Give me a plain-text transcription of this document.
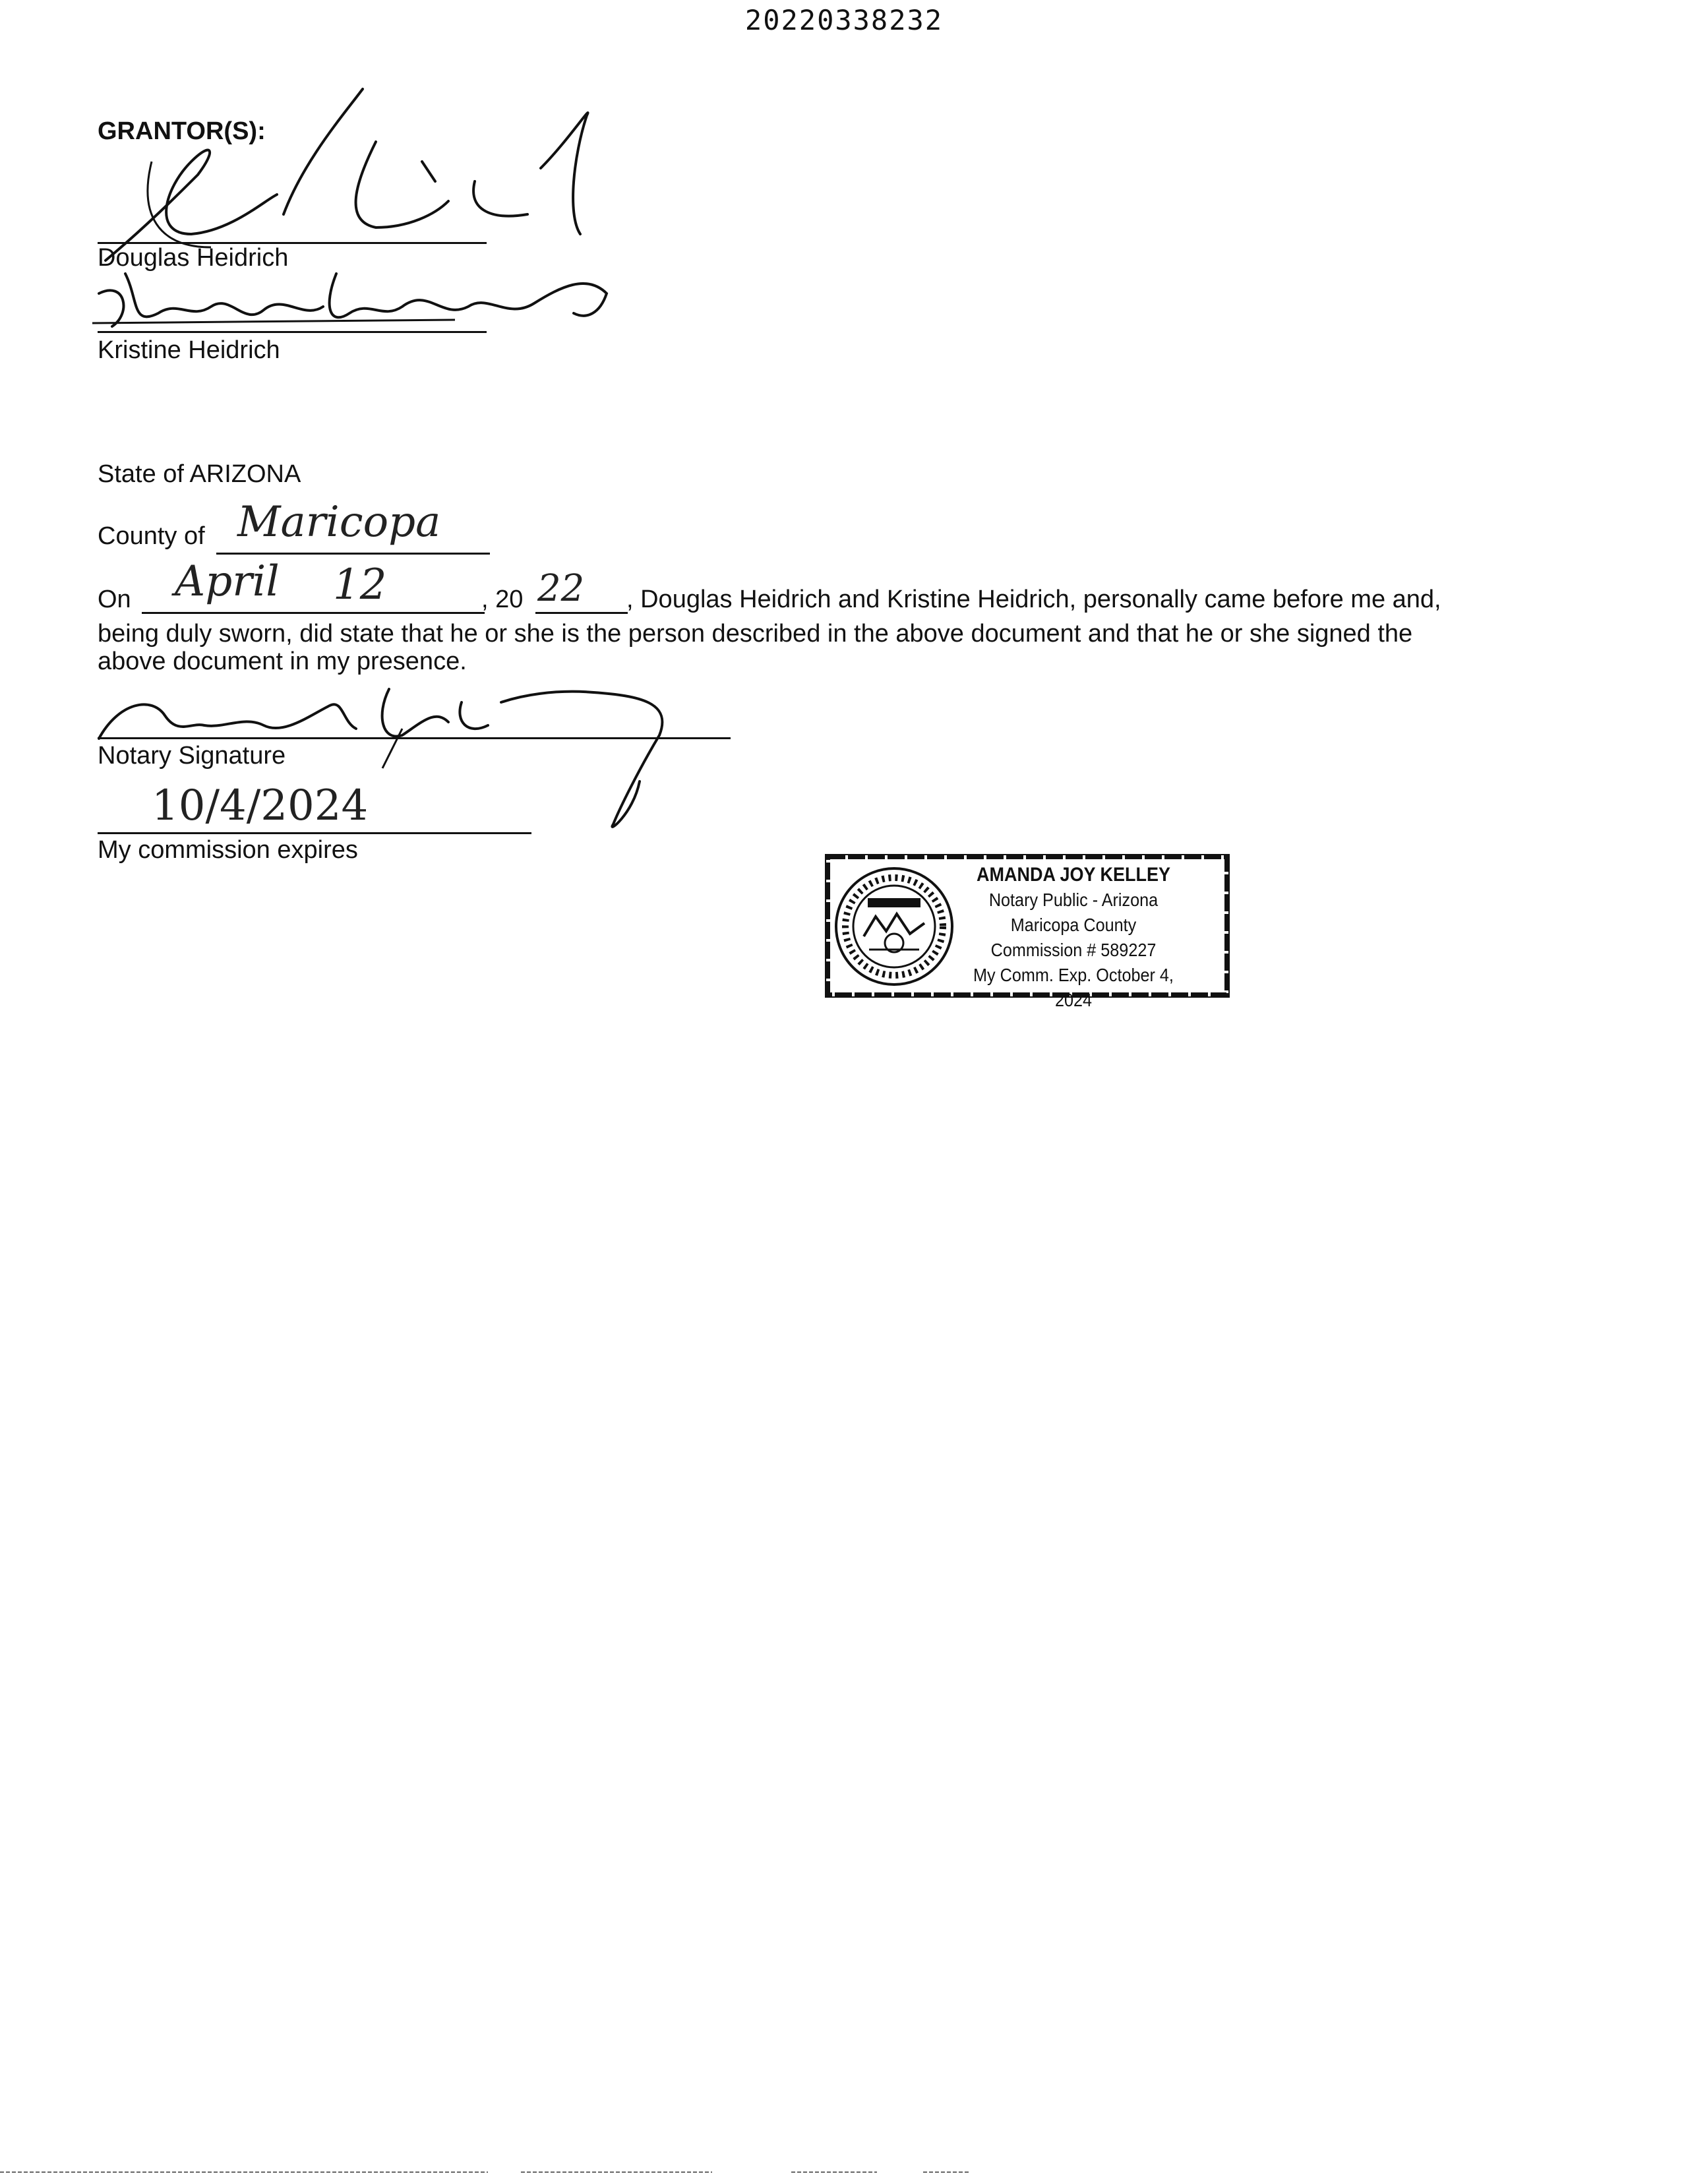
20220338232
GRANTOR(S):
Douglas Heidrich
Kristine Heidrich
State of ARIZONA
County of Maricopa
On April 12	, 20 22 , Douglas Heidrich and Kristine Heidrich, personally came before me and,
being duly sworn, did state that he or she is the person described in the above document and that he or she signed the
above document in my presence.
Notary Signature
10/4/2024
My commission expires
AMANDA JOY KELLEY
Notary Public - Arizona
Maricopa County
Commission # 589227
My Comm. Exp. October 4, 2024
